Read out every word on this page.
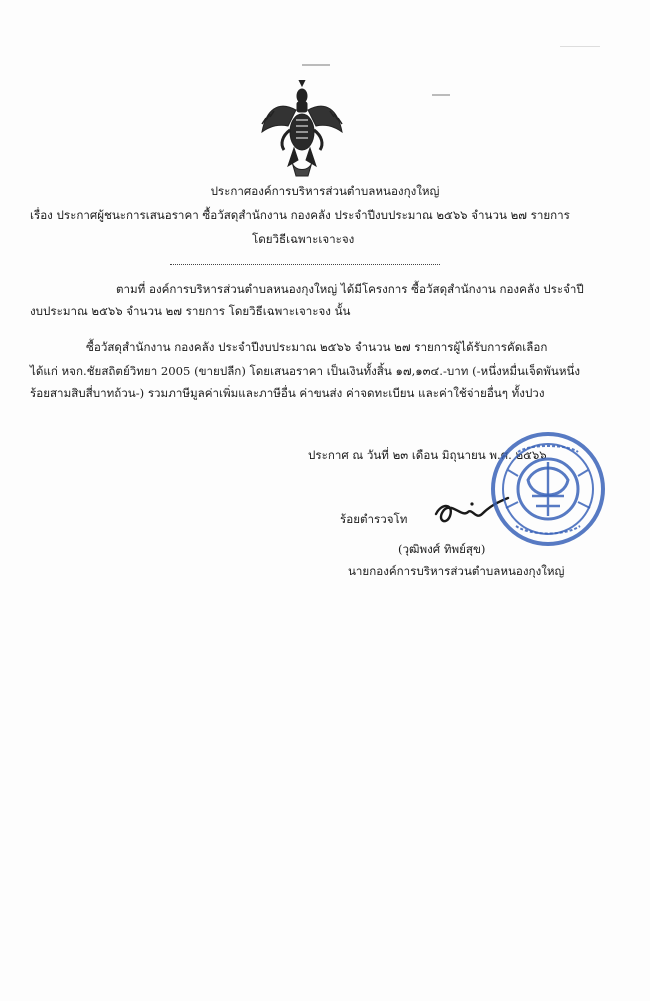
ประกาศองค์การบริหารส่วนตำบลหนองกุงใหญ่
เรื่อง ประกาศผู้ชนะการเสนอราคา ซื้อวัสดุสำนักงาน กองคลัง ประจำปีงบประมาณ ๒๕๖๖ จำนวน ๒๗ รายการ
โดยวิธีเฉพาะเจาะจง
ตามที่ องค์การบริหารส่วนตำบลหนองกุงใหญ่ ได้มีโครงการ ซื้อวัสดุสำนักงาน กองคลัง ประจำปี
งบประมาณ ๒๕๖๖ จำนวน ๒๗ รายการ โดยวิธีเฉพาะเจาะจง นั้น
ซื้อวัสดุสำนักงาน กองคลัง ประจำปีงบประมาณ ๒๕๖๖ จำนวน ๒๗ รายการผู้ได้รับการคัดเลือก
ได้แก่ หจก.ชัยสถิตย์วิทยา 2005 (ขายปลีก) โดยเสนอราคา เป็นเงินทั้งสิ้น ๑๗,๑๓๔.-บาท (-หนึ่งหมื่นเจ็ดพันหนึ่ง
ร้อยสามสิบสี่บาทถ้วน-) รวมภาษีมูลค่าเพิ่มและภาษีอื่น ค่าขนส่ง ค่าจดทะเบียน และค่าใช้จ่ายอื่นๆ ทั้งปวง
ประกาศ ณ วันที่ ๒๓ เดือน มิถุนายน พ.ศ. ๒๕๖๖
ร้อยตำรวจโท
(วุฒิพงศ์ ทิพย์สุข)
นายกองค์การบริหารส่วนตำบลหนองกุงใหญ่
